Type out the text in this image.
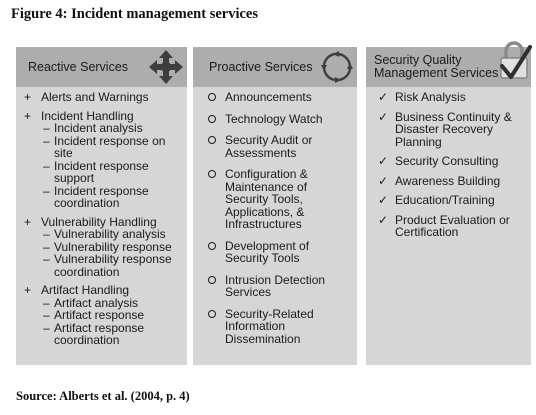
Figure 4: Incident management services
Reactive Services
+ Alerts and Warnings
+ Incident Handling
– Incident analysis
– Incident response on site
– Incident response support
– Incident response coordination
+ Vulnerability Handling
– Vulnerability analysis
– Vulnerability response
– Vulnerability response coordination
+ Artifact Handling
– Artifact analysis
– Artifact response
– Artifact response coordination
Proactive Services
Announcements
Technology Watch
Security Audit or Assessments
Configuration & Maintenance of Security Tools, Applications, & Infrastructures
Development of Security Tools
Intrusion Detection Services
Security-Related Information Dissemination
Security Quality Management Services
✓ Risk Analysis
✓ Business Continuity & Disaster Recovery Planning
✓ Security Consulting
✓ Awareness Building
✓ Education/Training
✓ Product Evaluation or Certification
Source: Alberts et al. (2004, p. 4)
